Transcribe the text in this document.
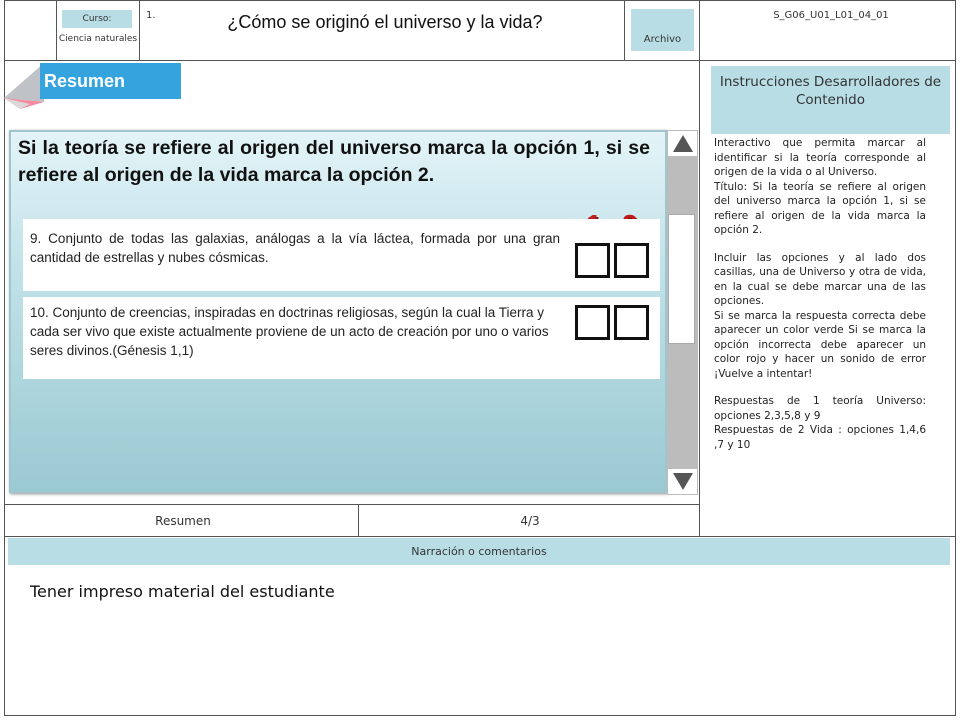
Curso:
Ciencia naturales
1.	¿Cómo se originó el universo y la vida?
Archivo
S_G06_U01_L01_04_01
Resumen
Si la teoría se refiere al origen del universo marca la opción 1, si se refiere al origen de la vida marca la opción 2.
9. Conjunto de todas las galaxias, análogas a la vía láctea, formada por una gran cantidad de estrellas y nubes cósmicas.
10. Conjunto de creencias, inspiradas en doctrinas religiosas, según la cual la Tierra y cada ser vivo que existe actualmente proviene de un acto de creación por uno o varios seres divinos.(Génesis 1,1)
Resumen	4/3
Instrucciones Desarrolladores de Contenido

Interactivo que permita marcar al identificar si la teoría corresponde al origen de la vida o al Universo.

Título: Si la teoría se refiere al origen del universo marca la opción 1, si se refiere al origen de la vida marca la opción 2.

Incluir las opciones y al lado dos casillas, una de Universo y otra de vida, en la cual se debe marcar una de las opciones.

Si se marca la respuesta correcta debe aparecer un color verde Si se marca la opción incorrecta debe aparecer un color rojo y hacer un sonido de error ¡Vuelve a intentar!

Respuestas de 1 teoría Universo: opciones 2,3,5,8 y 9

Respuestas de 2 Vida : opciones 1,4,6 ,7 y 10

Narración o comentarios
Tener impreso material del estudiante
